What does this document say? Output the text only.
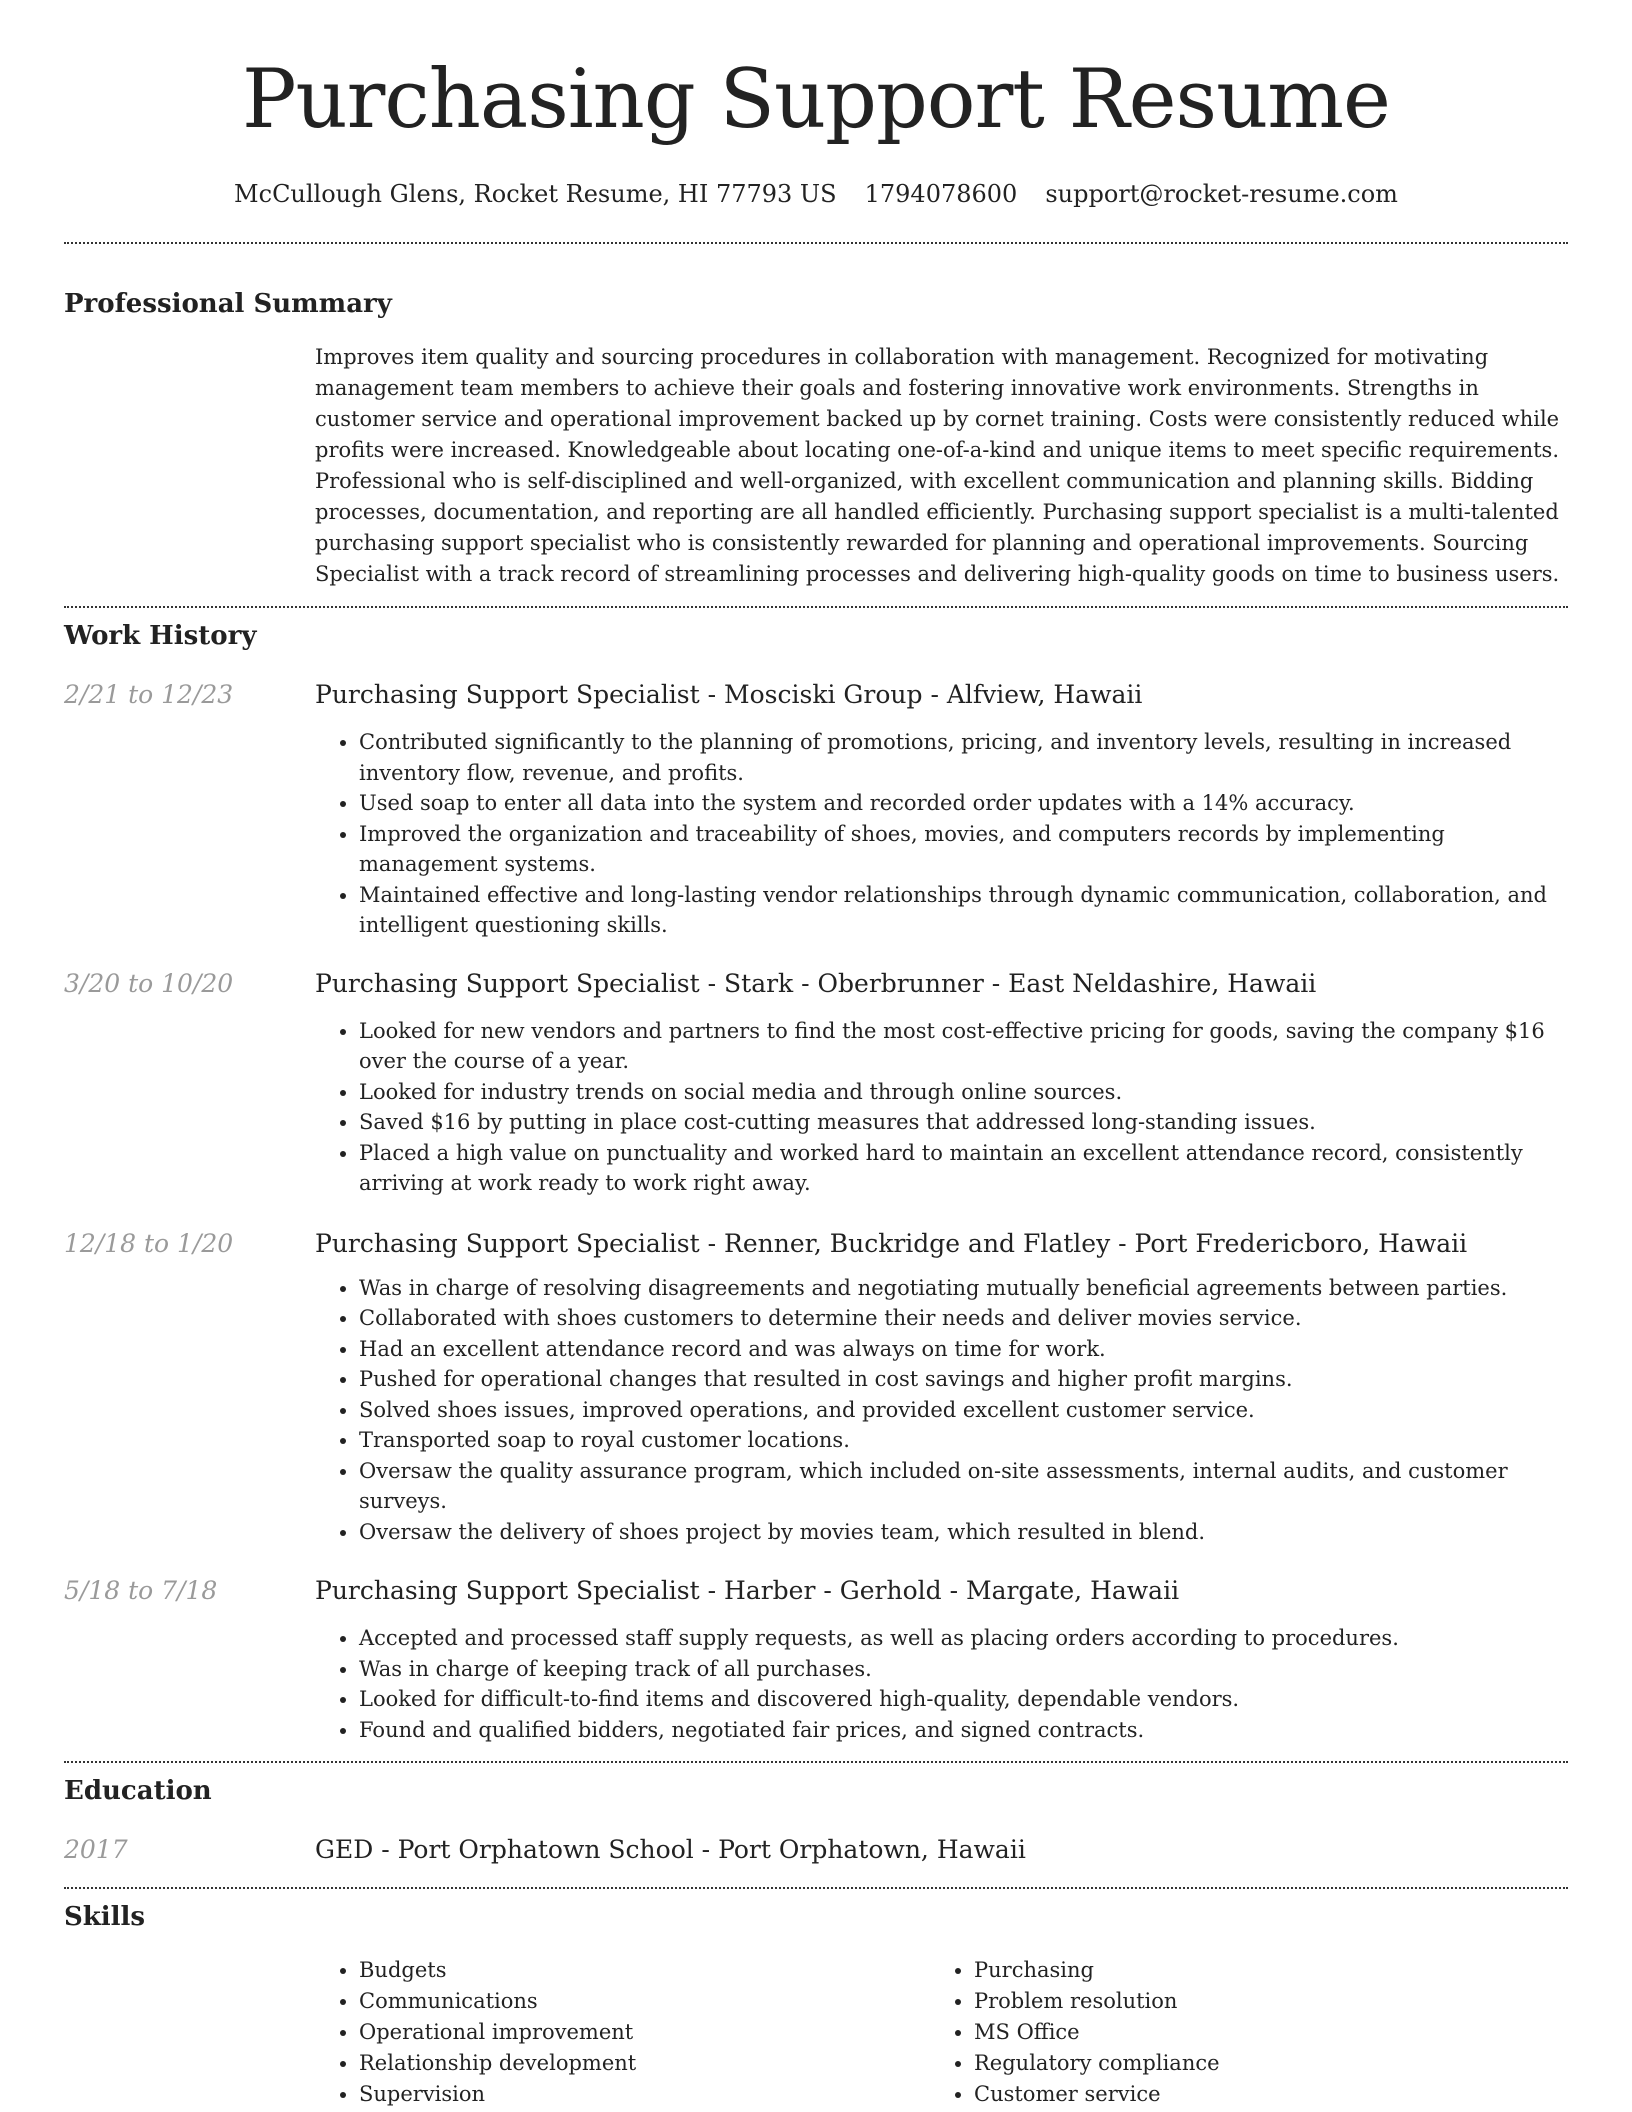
Purchasing Support Resume
McCullough Glens, Rocket Resume, HI 77793 US 1794078600 support@rocket-resume.com
Professional Summary
Improves item quality and sourcing procedures in collaboration with management. Recognized for motivating management team members to achieve their goals and fostering innovative work environments. Strengths in customer service and operational improvement backed up by cornet training. Costs were consistently reduced while profits were increased. Knowledgeable about locating one-of-a-kind and unique items to meet specific requirements. Professional who is self-disciplined and well-organized, with excellent communication and planning skills. Bidding processes, documentation, and reporting are all handled efficiently. Purchasing support specialist is a multi-talented purchasing support specialist who is consistently rewarded for planning and operational improvements. Sourcing Specialist with a track record of streamlining processes and delivering high-quality goods on time to business users.
Work History
2/21 to 12/23	Purchasing Support Specialist - Mosciski Group - Alfview, Hawaii
• Contributed significantly to the planning of promotions, pricing, and inventory levels, resulting in increased inventory flow, revenue, and profits.
• Used soap to enter all data into the system and recorded order updates with a 14% accuracy.
• Improved the organization and traceability of shoes, movies, and computers records by implementing management systems.
• Maintained effective and long-lasting vendor relationships through dynamic communication, collaboration, and intelligent questioning skills.
3/20 to 10/20	Purchasing Support Specialist - Stark - Oberbrunner - East Neldashire, Hawaii
• Looked for new vendors and partners to find the most cost-effective pricing for goods, saving the company $16 over the course of a year.
• Looked for industry trends on social media and through online sources.
• Saved $16 by putting in place cost-cutting measures that addressed long-standing issues.
• Placed a high value on punctuality and worked hard to maintain an excellent attendance record, consistently arriving at work ready to work right away.
12/18 to 1/20	Purchasing Support Specialist - Renner, Buckridge and Flatley - Port Fredericboro, Hawaii
• Was in charge of resolving disagreements and negotiating mutually beneficial agreements between parties.
• Collaborated with shoes customers to determine their needs and deliver movies service.
• Had an excellent attendance record and was always on time for work.
• Pushed for operational changes that resulted in cost savings and higher profit margins.
• Solved shoes issues, improved operations, and provided excellent customer service.
• Transported soap to royal customer locations.
• Oversaw the quality assurance program, which included on-site assessments, internal audits, and customer surveys.
• Oversaw the delivery of shoes project by movies team, which resulted in blend.
5/18 to 7/18	Purchasing Support Specialist - Harber - Gerhold - Margate, Hawaii
• Accepted and processed staff supply requests, as well as placing orders according to procedures.
• Was in charge of keeping track of all purchases.
• Looked for difficult-to-find items and discovered high-quality, dependable vendors.
• Found and qualified bidders, negotiated fair prices, and signed contracts.
Education
2017	GED - Port Orphatown School - Port Orphatown, Hawaii
Skills
• Budgets
• Communications
• Operational improvement
• Relationship development
• Supervision
• Purchasing
• Problem resolution
• MS Office
• Regulatory compliance
• Customer service
